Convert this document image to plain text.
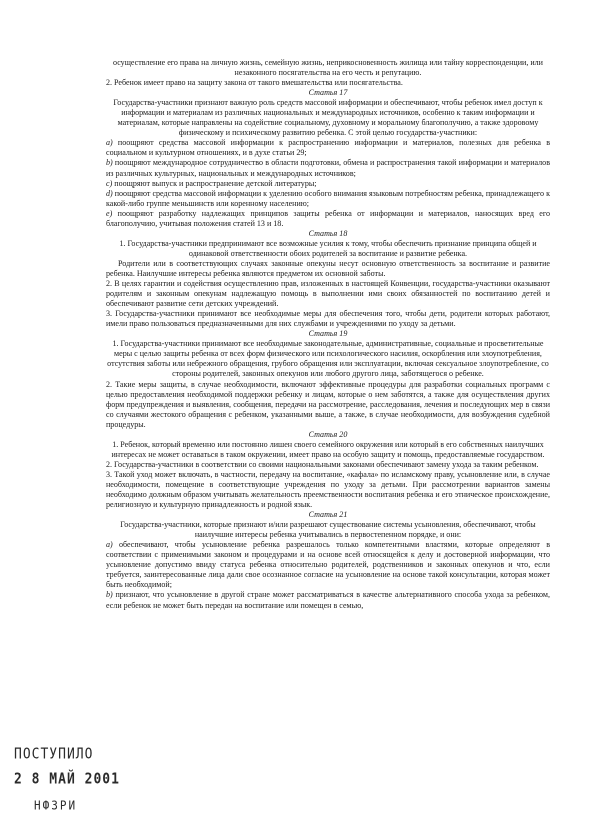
осуществление его права на личную жизнь, семейную жизнь, неприкосновенность жилища или тайну корреспонденции, или незаконного посягательства на его честь и репутацию.

2. Ребенок имеет право на защиту закона от такого вмешательства или посягательства.

Статья 17

Государства-участники признают важную роль средств массовой информации и обеспечивают, чтобы ребенок имел доступ к информации и материалам из различных национальных и международных источников, особенно к таким информации и материалам, которые направлены на содействие социальному, духовному и моральному благополучию, а также здоровому физическому и психическому развитию ребенка. С этой целью государства-участники:

a) поощряют средства массовой информации к распространению информации и материалов, полезных для ребенка в социальном и культурном отношениях, и в духе статьи 29;

b) поощряют международное сотрудничество в области подготовки, обмена и распространения такой информации и материалов из различных культурных, национальных и международных источников;

c) поощряют выпуск и распространение детской литературы;

d) поощряют средства массовой информации к уделению особого внимания языковым потребностям ребенка, принадлежащего к какой-либо группе меньшинств или коренному населению;

e) поощряют разработку надлежащих принципов защиты ребенка от информации и материалов, наносящих вред его благополучию, учитывая положения статей 13 и 18.

Статья 18

1. Государства-участники предпринимают все возможные усилия к тому, чтобы обеспечить признание принципа общей и одинаковой ответственности обоих родителей за воспитание и развитие ребенка.

Родители или в соответствующих случаях законные опекуны несут основную ответственность за воспитание и развитие ребенка. Наилучшие интересы ребенка являются предметом их основной заботы.

2. В целях гарантии и содействия осуществлению прав, изложенных в настоящей Конвенции, государства-участники оказывают родителям и законным опекунам надлежащую помощь в выполнении ими своих обязанностей по воспитанию детей и обеспечивают развитие сети детских учреждений.

3. Государства-участники принимают все необходимые меры для обеспечения того, чтобы дети, родители которых работают, имели право пользоваться предназначенными для них службами и учреждениями по уходу за детьми.

Статья 19

1. Государства-участники принимают все необходимые законодательные, административные, социальные и просветительные меры с целью защиты ребенка от всех форм физического или психологического насилия, оскорбления или злоупотребления, отсутствия заботы или небрежного обращения, грубого обращения или эксплуатации, включая сексуальное злоупотребление, со стороны родителей, законных опекунов или любого другого лица, заботящегося о ребенке.

2. Такие меры защиты, в случае необходимости, включают эффективные процедуры для разработки социальных программ с целью предоставления необходимой поддержки ребенку и лицам, которые о нем заботятся, а также для осуществления других форм предупреждения и выявления, сообщения, передачи на рассмотрение, расследования, лечения и последующих мер в связи со случаями жестокого обращения с ребенком, указанными выше, а также, в случае необходимости, для возбуждения судебной процедуры.

Статья 20

1. Ребенок, который временно или постоянно лишен своего семейного окружения или который в его собственных наилучших интересах не может оставаться в таком окружении, имеет право на особую защиту и помощь, предоставляемые государством.

2. Государства-участники в соответствии со своими национальными законами обеспечивают замену ухода за таким ребенком.

3. Такой уход может включать, в частности, передачу на воспитание, «кафала» по исламскому праву, усыновление или, в случае необходимости, помещение в соответствующие учреждения по уходу за детьми. При рассмотрении вариантов замены необходимо должным образом учитывать желательность преемственности воспитания ребенка и его этническое происхождение, религиозную и культурную принадлежность и родной язык.

Статья 21

Государства-участники, которые признают и/или разрешают существование системы усыновления, обеспечивают, чтобы наилучшие интересы ребенка учитывались в первостепенном порядке, и они:

a) обеспечивают, чтобы усыновление ребенка разрешалось только компетентными властями, которые определяют в соответствии с применимыми законом и процедурами и на основе всей относящейся к делу и достоверной информации, что усыновление допустимо ввиду статуса ребенка относительно родителей, родственников и законных опекунов и что, если требуется, заинтересованные лица дали свое осознанное согласие на усыновление на основе такой консультации, которая может быть необходимой;

b) признают, что усыновление в другой стране может рассматриваться в качестве альтернативного способа ухода за ребенком, если ребенок не может быть передан на воспитание или помещен в семью,

ПОСТУПИЛО
2 8 МАЙ 2001
НФЗРИ
